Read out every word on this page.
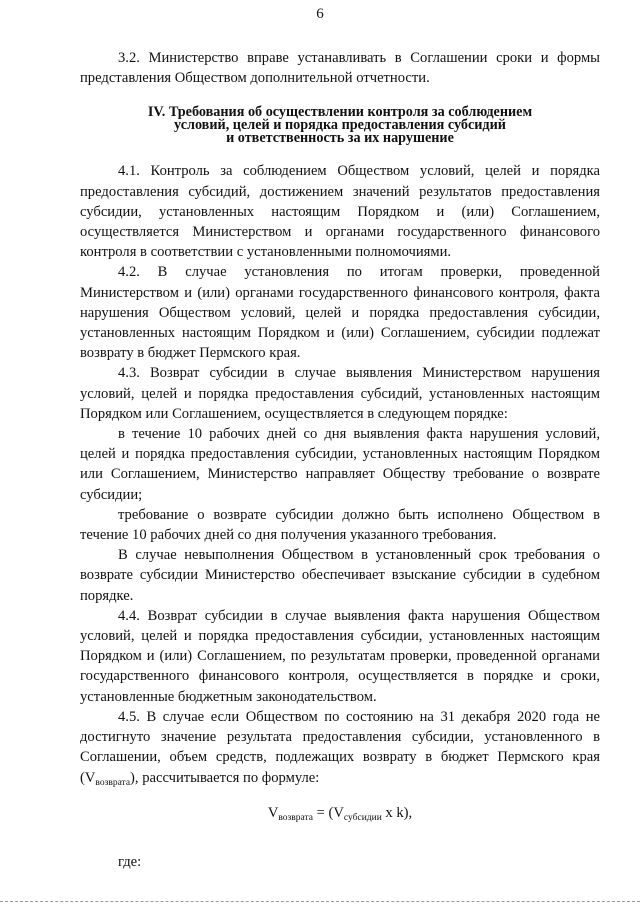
6

3.2. Министерство вправе устанавливать в Соглашении сроки и формы представления Обществом дополнительной отчетности.

IV. Требования об осуществлении контроля за соблюдением
условий, целей и порядка предоставления субсидий
и ответственность за их нарушение

4.1. Контроль за соблюдением Обществом условий, целей и порядка предоставления субсидий, достижением значений результатов предоставления субсидии, установленных настоящим Порядком и (или) Соглашением, осуществляется Министерством и органами государственного финансового контроля в соответствии с установленными полномочиями.

4.2. В случае установления по итогам проверки, проведенной Министерством и (или) органами государственного финансового контроля, факта нарушения Обществом условий, целей и порядка предоставления субсидии, установленных настоящим Порядком и (или) Соглашением, субсидии подлежат возврату в бюджет Пермского края.

4.3. Возврат субсидии в случае выявления Министерством нарушения условий, целей и порядка предоставления субсидий, установленных настоящим Порядком или Соглашением, осуществляется в следующем порядке:

в течение 10 рабочих дней со дня выявления факта нарушения условий, целей и порядка предоставления субсидии, установленных настоящим Порядком или Соглашением, Министерство направляет Обществу требование о возврате субсидии;

требование о возврате субсидии должно быть исполнено Обществом в течение 10 рабочих дней со дня получения указанного требования.

В случае невыполнения Обществом в установленный срок требования о возврате субсидии Министерство обеспечивает взыскание субсидии в судебном порядке.

4.4. Возврат субсидии в случае выявления факта нарушения Обществом условий, целей и порядка предоставления субсидии, установленных настоящим Порядком и (или) Соглашением, по результатам проверки, проведенной органами государственного финансового контроля, осуществляется в порядке и сроки, установленные бюджетным законодательством.

4.5. В случае если Обществом по состоянию на 31 декабря 2020 года не достигнуто значение результата предоставления субсидии, установленного в Соглашении, объем средств, подлежащих возврату в бюджет Пермского края $(V_{возврата})$, рассчитывается по формуле:

$V_{возврата} = (V_{субсидии}$ x k),
где:
